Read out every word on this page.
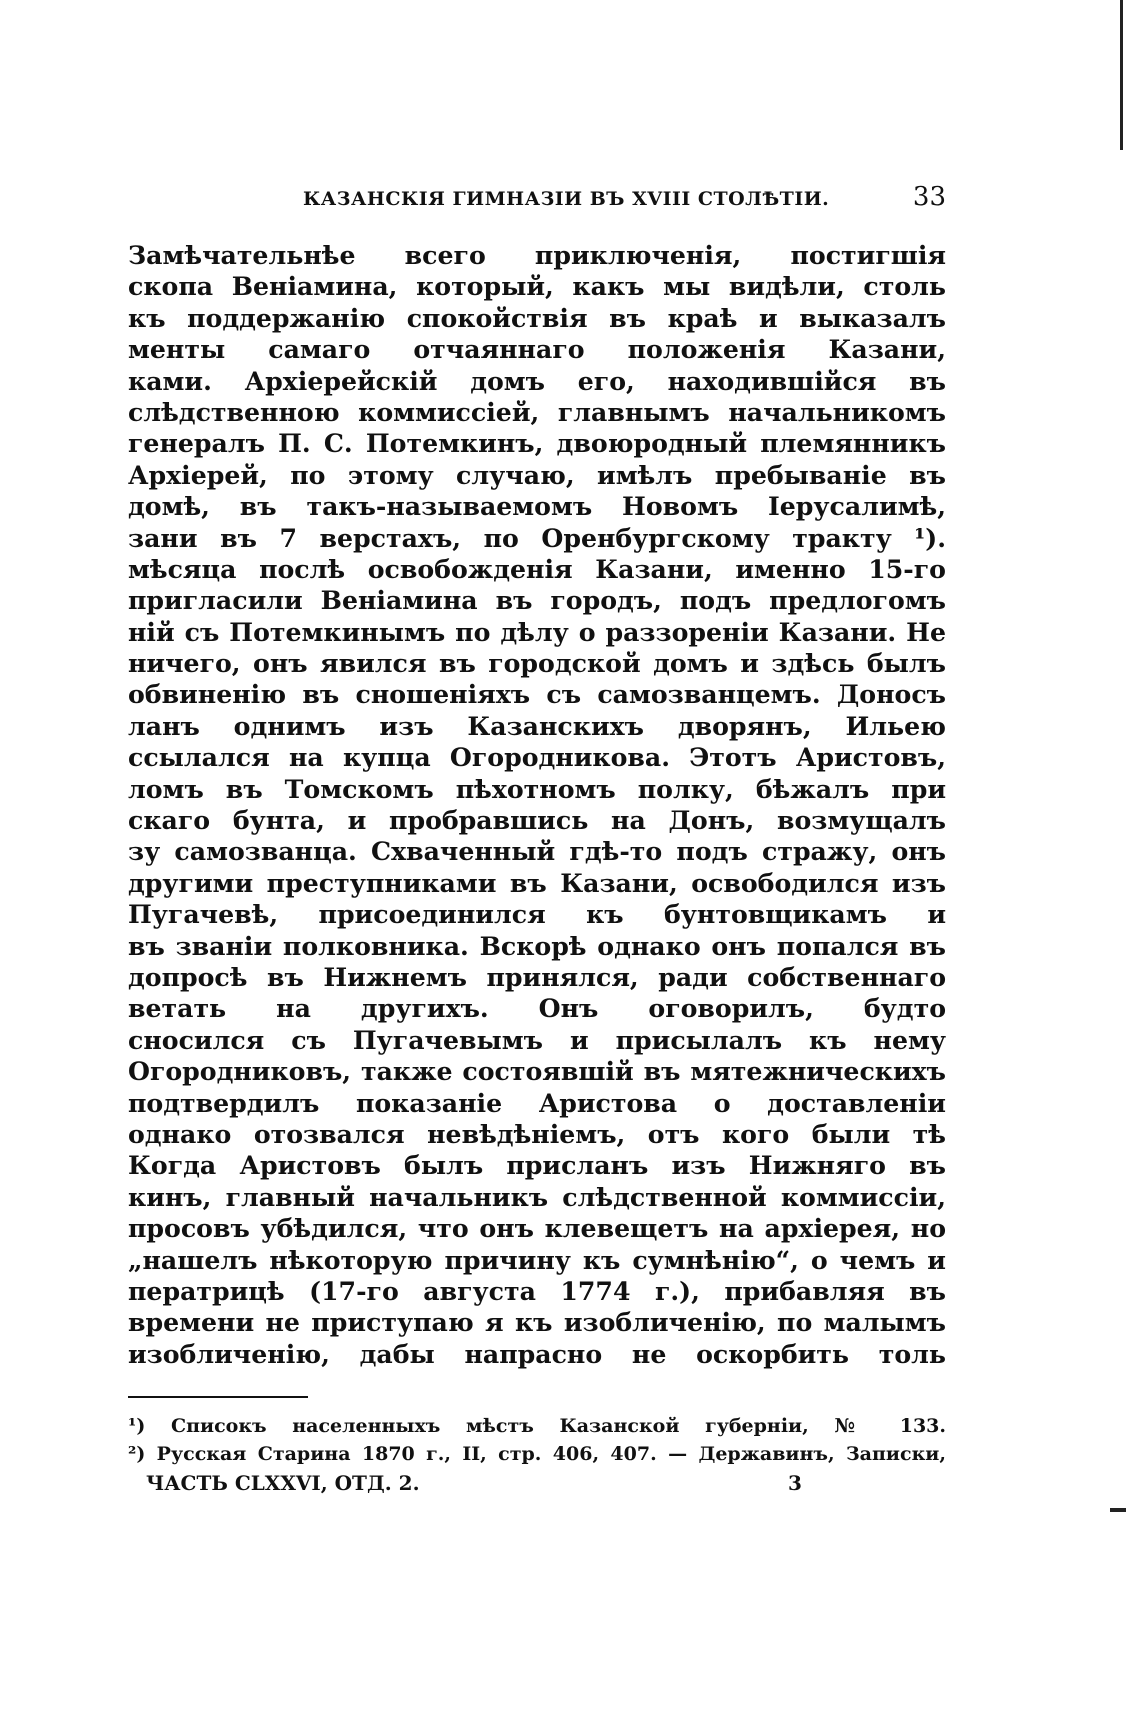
КАЗАНСКІЯ ГИМНАЗІИ ВЪ XVIII СТОЛѢТІИ.	33
Замѣчательнѣе всего приключенія, постигшія
скопа Веніамина, который, какъ мы видѣли, столь
къ поддержанію спокойствія въ краѣ и выказалъ
менты самаго отчаяннаго положенія Казани,
ками. Архіерейскій домъ его, находившійся въ
слѣдственною коммиссіей, главнымъ начальникомъ
генералъ П. С. Потемкинъ, двоюродный племянникъ
Архіерей, по этому случаю, имѣлъ пребываніе въ
домѣ, въ такъ-называемомъ Новомъ Іерусалимѣ,
зани въ 7 верстахъ, по Оренбургскому тракту ¹).
мѣсяца послѣ освобожденія Казани, именно 15-го
пригласили Веніамина въ городъ, подъ предлогомъ
ній съ Потемкинымъ по дѣлу о раззореніи Казани. Не
ничего, онъ явился въ городской домъ и здѣсь былъ
обвиненію въ сношеніяхъ съ самозванцемъ. Доносъ
ланъ однимъ изъ Казанскихъ дворянъ, Ильею
ссылался на купца Огородникова. Этотъ Аристовъ,
ломъ въ Томскомъ пѣхотномъ полку, бѣжалъ при
скаго бунта, и пробравшись на Донъ, возмущалъ
зу самозванца. Схваченный гдѣ-то подъ стражу, онъ
другими преступниками въ Казани, освободился изъ
Пугачевѣ, присоединился къ бунтовщикамъ и
въ званіи полковника. Вскорѣ однако онъ попался въ
допросѣ въ Нижнемъ принялся, ради собственнаго
ветать на другихъ. Онъ оговорилъ, будто
сносился съ Пугачевымъ и присылалъ къ нему
Огородниковъ, также состоявшій въ мятежническихъ
подтвердилъ показаніе Аристова о доставленіи
однако отозвался невѣдѣніемъ, отъ кого были тѣ
Когда Аристовъ былъ присланъ изъ Нижняго въ
кинъ, главный начальникъ слѣдственной коммиссіи,
просовъ убѣдился, что онъ клевещетъ на архіерея, но
„нашелъ нѣкоторую причину къ сумнѣнію“, о чемъ и
ператрицѣ (17-го августа 1774 г.), прибавляя въ
времени не приступаю я къ изобличенію, по малымъ
изобличенію, дабы напрасно не оскорбить толь
¹) Списокъ населенныхъ мѣстъ Казанской губерніи, № 133.
²) Русская Старина 1870 г., II, стр. 406, 407. — Державинъ, Записки,
ЧАСТЬ CLXXVI, ОТД. 2.	3
